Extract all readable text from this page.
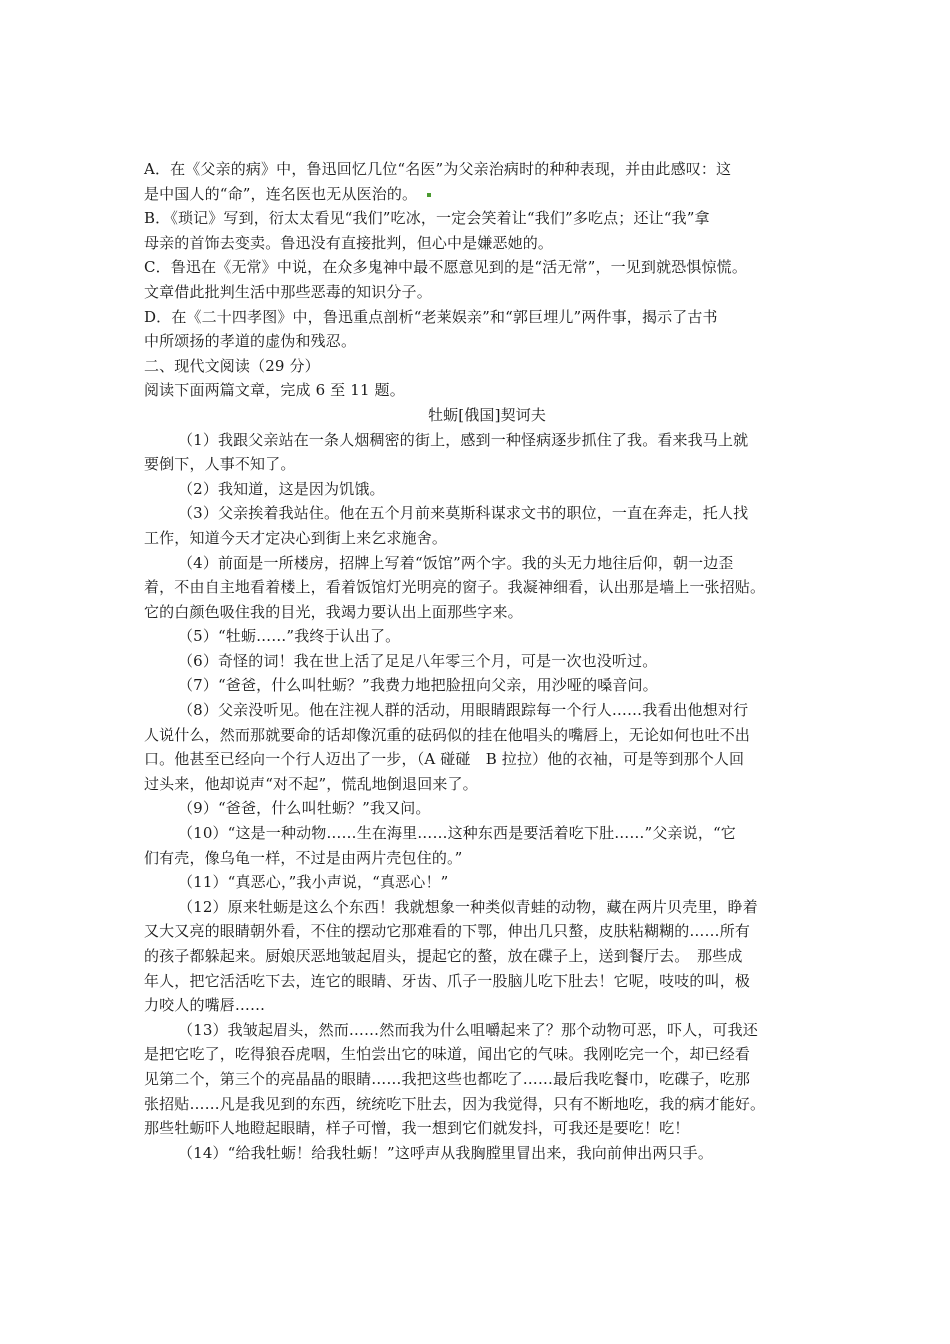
A．在《父亲的病》中，鲁迅回忆几位“名医”为父亲治病时的种种表现，并由此感叹：这
是中国人的“命”，连名医也无从医治的。
B．《琐记》写到，衍太太看见“我们”吃冰，一定会笑着让“我们”多吃点；还让“我”拿
母亲的首饰去变卖。鲁迅没有直接批判，但心中是嫌恶她的。
C．鲁迅在《无常》中说，在众多鬼神中最不愿意见到的是“活无常”，一见到就恐惧惊慌。
文章借此批判生活中那些恶毒的知识分子。
D．在《二十四孝图》中，鲁迅重点剖析“老莱娱亲”和“郭巨埋儿”两件事，揭示了古书
中所颂扬的孝道的虚伪和残忍。
二、现代文阅读（29 分）
阅读下面两篇文章，完成 6 至 11 题。
牡蛎[俄国]契诃夫
（1）我跟父亲站在一条人烟稠密的街上，感到一种怪病逐步抓住了我。看来我马上就
要倒下，人事不知了。
（2）我知道，这是因为饥饿。
（3）父亲挨着我站住。他在五个月前来莫斯科谋求文书的职位，一直在奔走，托人找
工作，知道今天才定决心到街上来乞求施舍。
（4）前面是一所楼房，招牌上写着“饭馆”两个字。我的头无力地往后仰，朝一边歪
着，不由自主地看着楼上，看着饭馆灯光明亮的窗子。我凝神细看，认出那是墙上一张招贴。
它的白颜色吸住我的目光，我竭力要认出上面那些字来。
（5）“牡蛎……”我终于认出了。
（6）奇怪的词！我在世上活了足足八年零三个月，可是一次也没听过。
（7）“爸爸，什么叫牡蛎？”我费力地把脸扭向父亲，用沙哑的嗓音问。
（8）父亲没听见。他在注视人群的活动，用眼睛跟踪每一个行人……我看出他想对行
人说什么，然而那就要命的话却像沉重的砝码似的挂在他唱头的嘴唇上，无论如何也吐不出
口。他甚至已经向一个行人迈出了一步，（A 碰碰　B 拉拉）他的衣袖，可是等到那个人回
过头来，他却说声“对不起”，慌乱地倒退回来了。
（9）“爸爸，什么叫牡蛎？”我又问。
（10）“这是一种动物……生在海里……这种东西是要活着吃下肚……”父亲说，“它
们有壳，像乌龟一样，不过是由两片壳包住的。”
（11）“真恶心，”我小声说，“真恶心！”
（12）原来牡蛎是这么个东西！我就想象一种类似青蛙的动物，藏在两片贝壳里，睁着
又大又亮的眼睛朝外看，不住的摆动它那难看的下鄂，伸出几只螯，皮肤粘糊糊的……所有
的孩子都躲起来。厨娘厌恶地皱起眉头，提起它的螯，放在碟子上，送到餐厅去。　那些成
年人，把它活活吃下去，连它的眼睛、牙齿、爪子一股脑儿吃下肚去！它呢，吱吱的叫，极
力咬人的嘴唇……
（13）我皱起眉头，然而……然而我为什么咀嚼起来了？那个动物可恶，吓人，可我还
是把它吃了，吃得狼吞虎咽，生怕尝出它的味道，闻出它的气味。我刚吃完一个，却已经看
见第二个，第三个的亮晶晶的眼睛……我把这些也都吃了……最后我吃餐巾，吃碟子，吃那
张招贴……凡是我见到的东西，统统吃下肚去，因为我觉得，只有不断地吃，我的病才能好。
那些牡蛎吓人地瞪起眼睛，样子可憎，我一想到它们就发抖，可我还是要吃！吃！
（14）“给我牡蛎！给我牡蛎！”这呼声从我胸膛里冒出来，我向前伸出两只手。
